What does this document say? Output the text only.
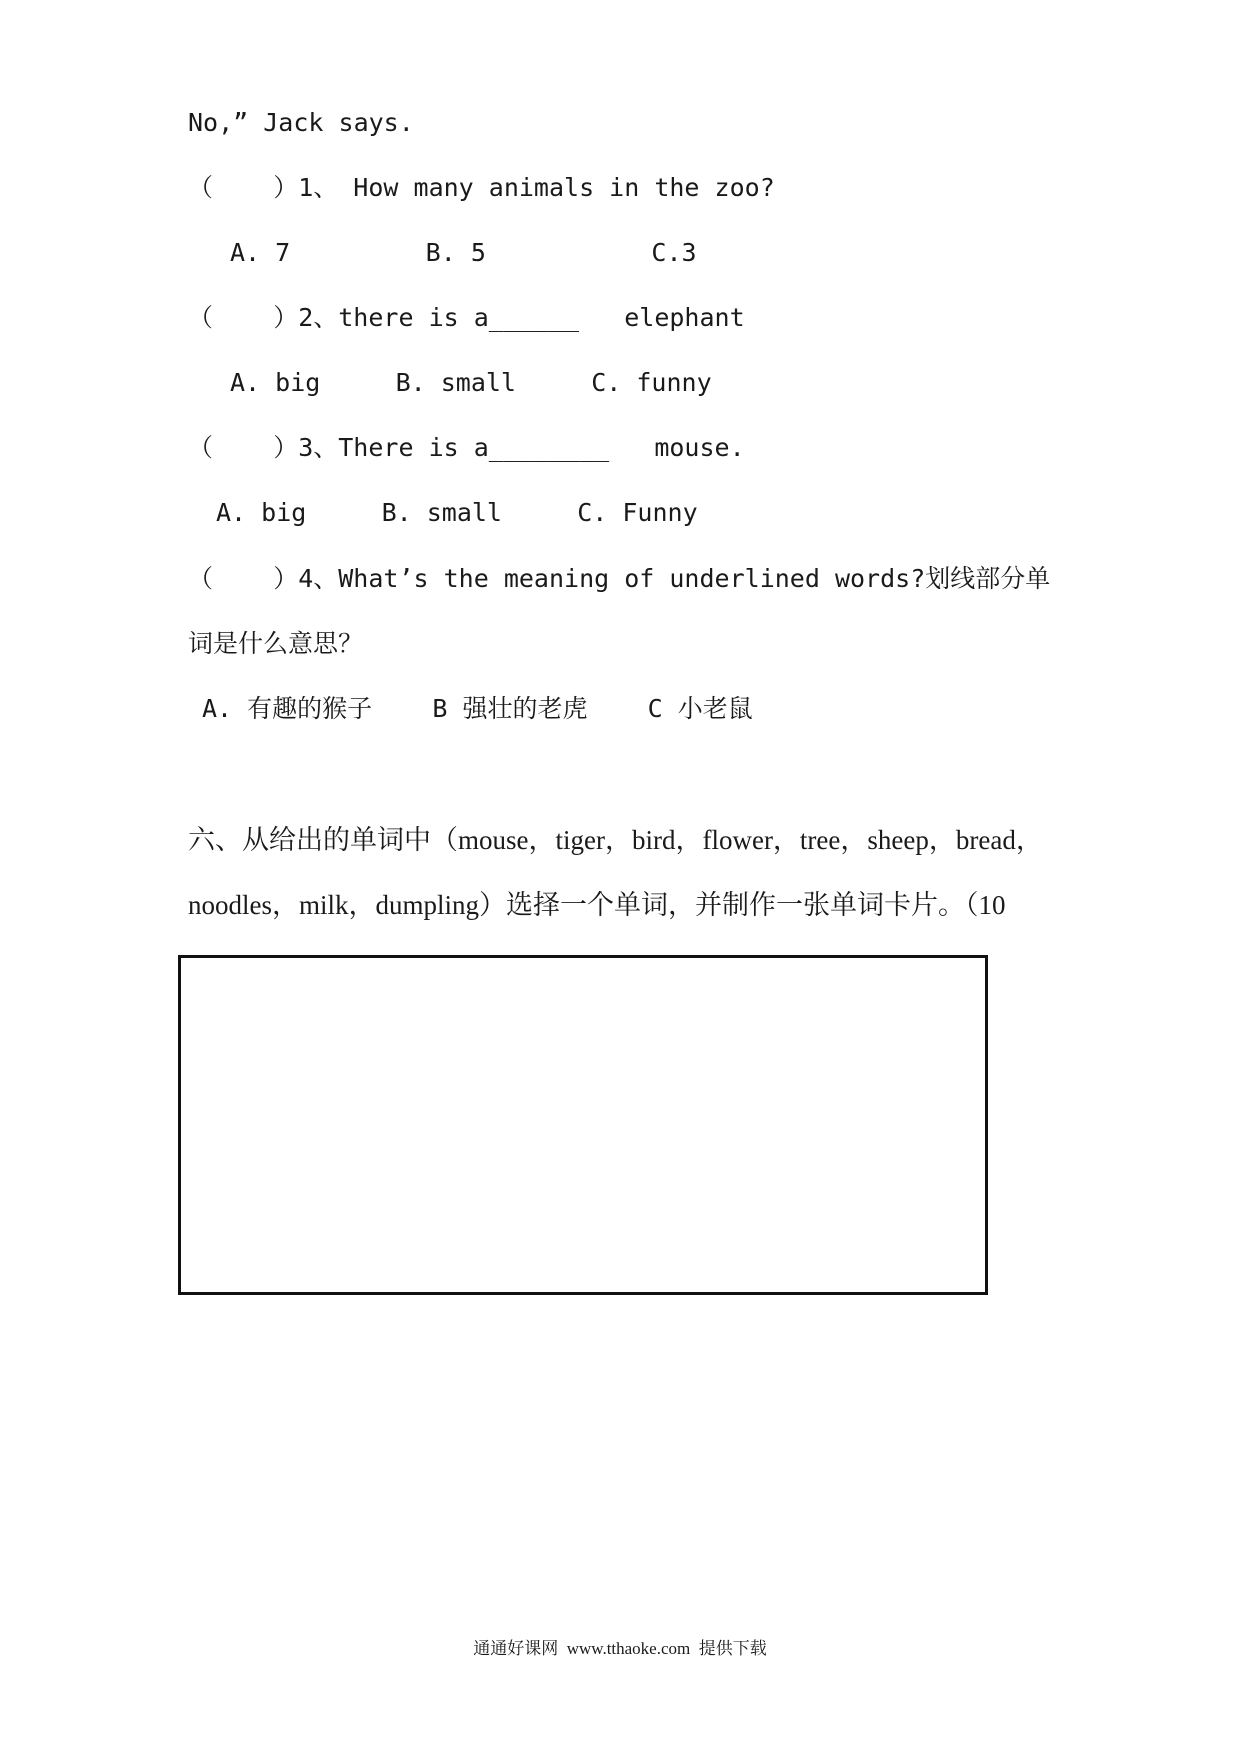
No,” Jack says.
（    ）1、 How many animals in the zoo?
A. 7         B. 5           C.3
（    ）2、there is a______   elephant
A. big     B. small     C. funny
（    ）3、There is a________   mouse.
A. big     B. small     C. Funny
（    ）4、What’s the meaning of underlined words?划线部分单
词是什么意思？
A. 有趣的猴子    B 强壮的老虎    C 小老鼠
六、从给出的单词中（mouse，tiger，bird，flower，tree，sheep，bread，
noodles，milk，dumpling）选择一个单词，并制作一张单词卡片。（10
通通好课网  www.tthaoke.com  提供下载
